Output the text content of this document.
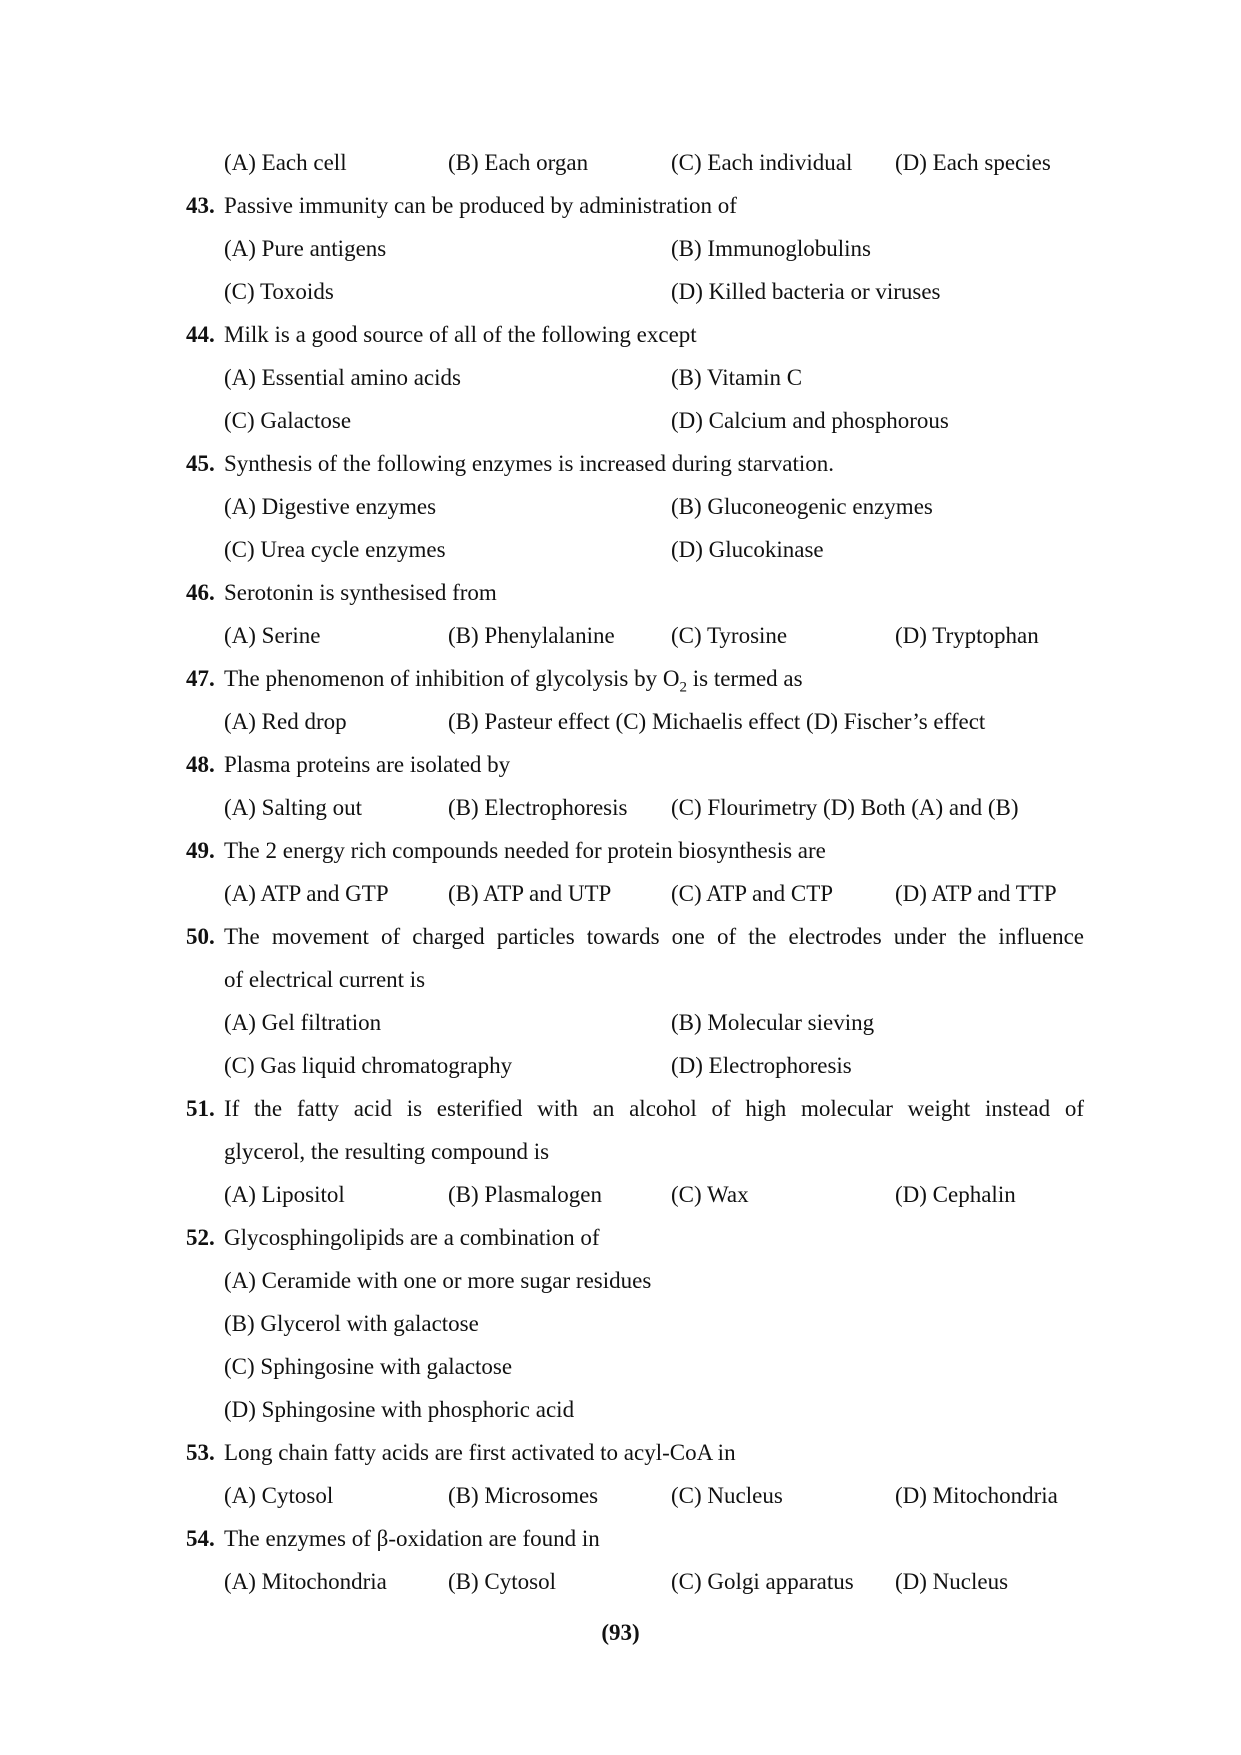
(A) Each cell	(B) Each organ	(C) Each individual (D) Each species
43. Passive immunity can be produced by administration of
(A) Pure antigens	(B) Immunoglobulins
(C) Toxoids	(D) Killed bacteria or viruses
44. Milk is a good source of all of the following except
(A) Essential amino acids	(B) Vitamin C
(C) Galactose	(D) Calcium and phosphorous
45. Synthesis of the following enzymes is increased during starvation.
(A) Digestive enzymes	(B) Gluconeogenic enzymes
(C) Urea cycle enzymes	(D) Glucokinase
46. Serotonin is synthesised from
(A) Serine	(B) Phenylalanine (C) Tyrosine	(D) Tryptophan
47. The phenomenon of inhibition of glycolysis by $O_2$ is termed as
(A) Red drop	(B) Pasteur effect (C) Michaelis effect (D) Fischer’s effect
48. Plasma proteins are isolated by
(A) Salting out	(B) Electrophoresis (C) Flourimetry (D) Both (A) and (B)
49. The 2 energy rich compounds needed for protein biosynthesis are
(A) ATP and GTP	(B) ATP and UTP	(C) ATP and CTP	(D) ATP and TTP
50. The movement of charged particles towards one of the electrodes under the influence
of electrical current is
(A) Gel filtration	(B) Molecular sieving
(C) Gas liquid chromatography	(D) Electrophoresis
51. If the fatty acid is esterified with an alcohol of high molecular weight instead of
glycerol, the resulting compound is
(A) Lipositol	(B) Plasmalogen	(C) Wax	(D) Cephalin
52. Glycosphingolipids are a combination of
(A) Ceramide with one or more sugar residues
(B) Glycerol with galactose
(C) Sphingosine with galactose
(D) Sphingosine with phosphoric acid
53. Long chain fatty acids are first activated to acyl-CoA in
(A) Cytosol	(B) Microsomes	(C) Nucleus	(D) Mitochondria
54. The enzymes of β-oxidation are found in
(A) Mitochondria	(B) Cytosol	(C) Golgi apparatus (D) Nucleus
(93)
